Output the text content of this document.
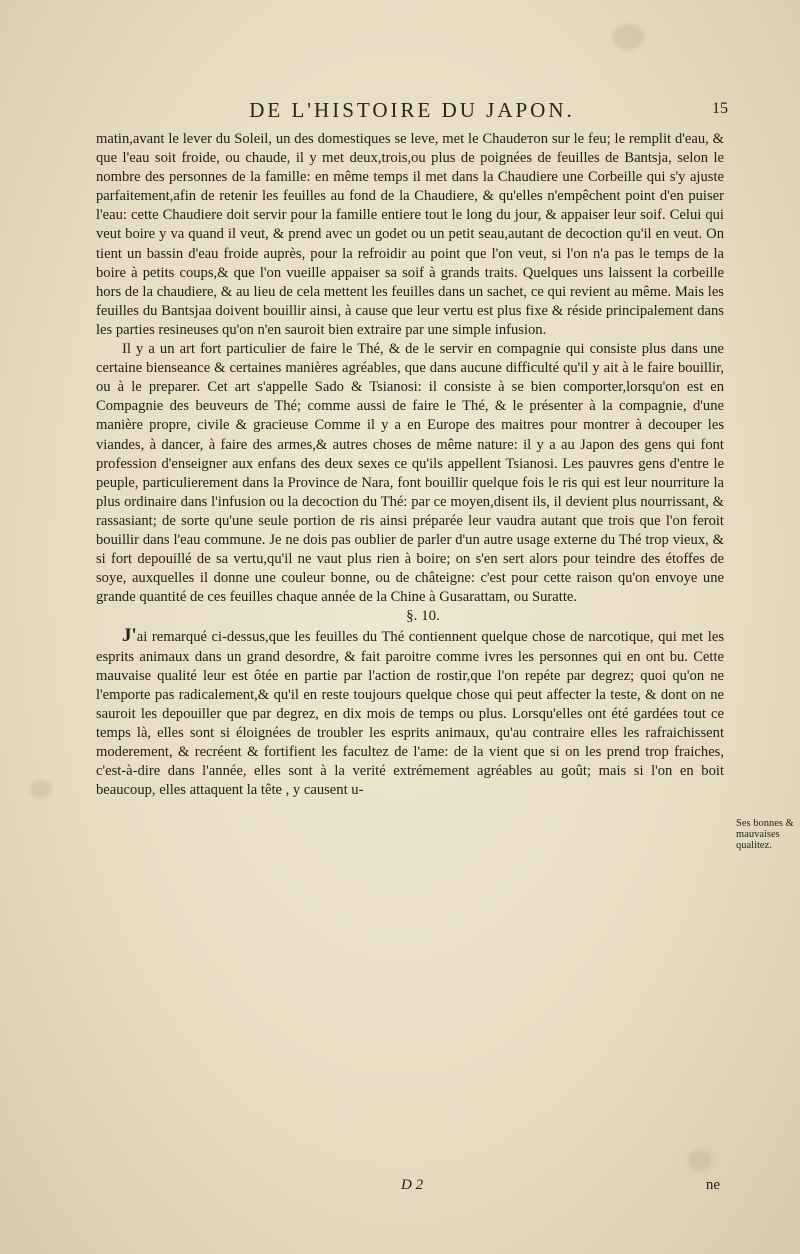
DE L'HISTOIRE DU JAPON.	15

matin,avant le lever du Soleil, un des domestiques se leve, met le Chaudeтon sur le feu; le remplit d'eau, & que l'eau soit froide, ou chaude, il y met deux,trois,ou plus de poignées de feuilles de Bantsja, selon le nombre des personnes de la famille: en même temps il met dans la Chaudiere une Corbeille qui s'y ajuste parfaitement,afin de retenir les feuilles au fond de la Chaudiere, & qu'elles n'empêchent point d'en puiser l'eau: cette Chaudiere doit servir pour la famille entiere tout le long du jour, & appaiser leur soif. Celui qui veut boire y va quand il veut, & prend avec un godet ou un petit seau,autant de decoction qu'il en veut. On tient un bassin d'eau froide auprès, pour la refroidir au point que l'on veut, si l'on n'a pas le temps de la boire à petits coups,& que l'on vueille appaiser sa soif à grands traits. Quelques uns laissent la corbeille hors de la chaudiere, & au lieu de cela mettent les feuilles dans un sachet, ce qui revient au même. Mais les feuilles du Bantsjaa doivent bouillir ainsi, à cause que leur vertu est plus fixe & réside principalement dans les parties resineuses qu'on n'en sauroit bien extraire par une simple infusion.

Il y a un art fort particulier de faire le Thé, & de le servir en compagnie qui consiste plus dans une certaine bienseance & certaines manières agréables, que dans aucune difficulté qu'il y ait à le faire bouillir, ou à le preparer. Cet art s'appelle Sado & Tsianosi: il consiste à se bien comporter,lorsqu'on est en Compagnie des beuveurs de Thé; comme aussi de faire le Thé, & le présenter à la compagnie, d'une manière propre, civile & gracieuse Comme il y a en Europe des maitres pour montrer à decouper les viandes, à dancer, à faire des armes,& autres choses de même nature: il y a au Japon des gens qui font profession d'enseigner aux enfans des deux sexes ce qu'ils appellent Tsianosi. Les pauvres gens d'entre le peuple, particulierement dans la Province de Nara, font bouillir quelque fois le ris qui est leur nourriture la plus ordinaire dans l'infusion ou la decoction du Thé: par ce moyen,disent ils, il devient plus nourrissant, & rassasiant; de sorte qu'une seule portion de ris ainsi préparée leur vaudra autant que trois que l'on feroit bouillir dans l'eau commune. Je ne dois pas oublier de parler d'un autre usage externe du Thé trop vieux, & si fort depouillé de sa vertu,qu'il ne vaut plus rien à boire; on s'en sert alors pour teindre des étoffes de soye, auxquelles il donne une couleur bonne, ou de châteigne: c'est pour cette raison qu'on envoye une grande quantité de ces feuilles chaque année de la Chine à Gusarattam, ou Suratte.

§. 10.

J'ai remarqué ci-dessus,que les feuilles du Thé contiennent quelque chose de narcotique, qui met les esprits animaux dans un grand desordre, & fait paroitre comme ivres les personnes qui en ont bu. Cette mauvaise qualité leur est ôtée en partie par l'action de rostir,que l'on repéte par degrez; quoi qu'on ne l'emporte pas radicalement,& qu'il en reste toujours quelque chose qui peut affecter la teste, & dont on ne sauroit les depouiller que par degrez, en dix mois de temps ou plus. Lorsqu'elles ont été gardées tout ce temps là, elles sont si éloignées de troubler les esprits animaux, qu'au contraire elles les rafraichissent moderement, & recréent & fortifient les facultez de l'ame: de la vient que si on les prend trop fraiches, c'est-à-dire dans l'année, elles sont à la verité extrémement agréables au goût; mais si l'on en boit beaucoup, elles attaquent la tête , y causent u-

Ses bonnes & mauvaises qualitez.
D 2	ne
